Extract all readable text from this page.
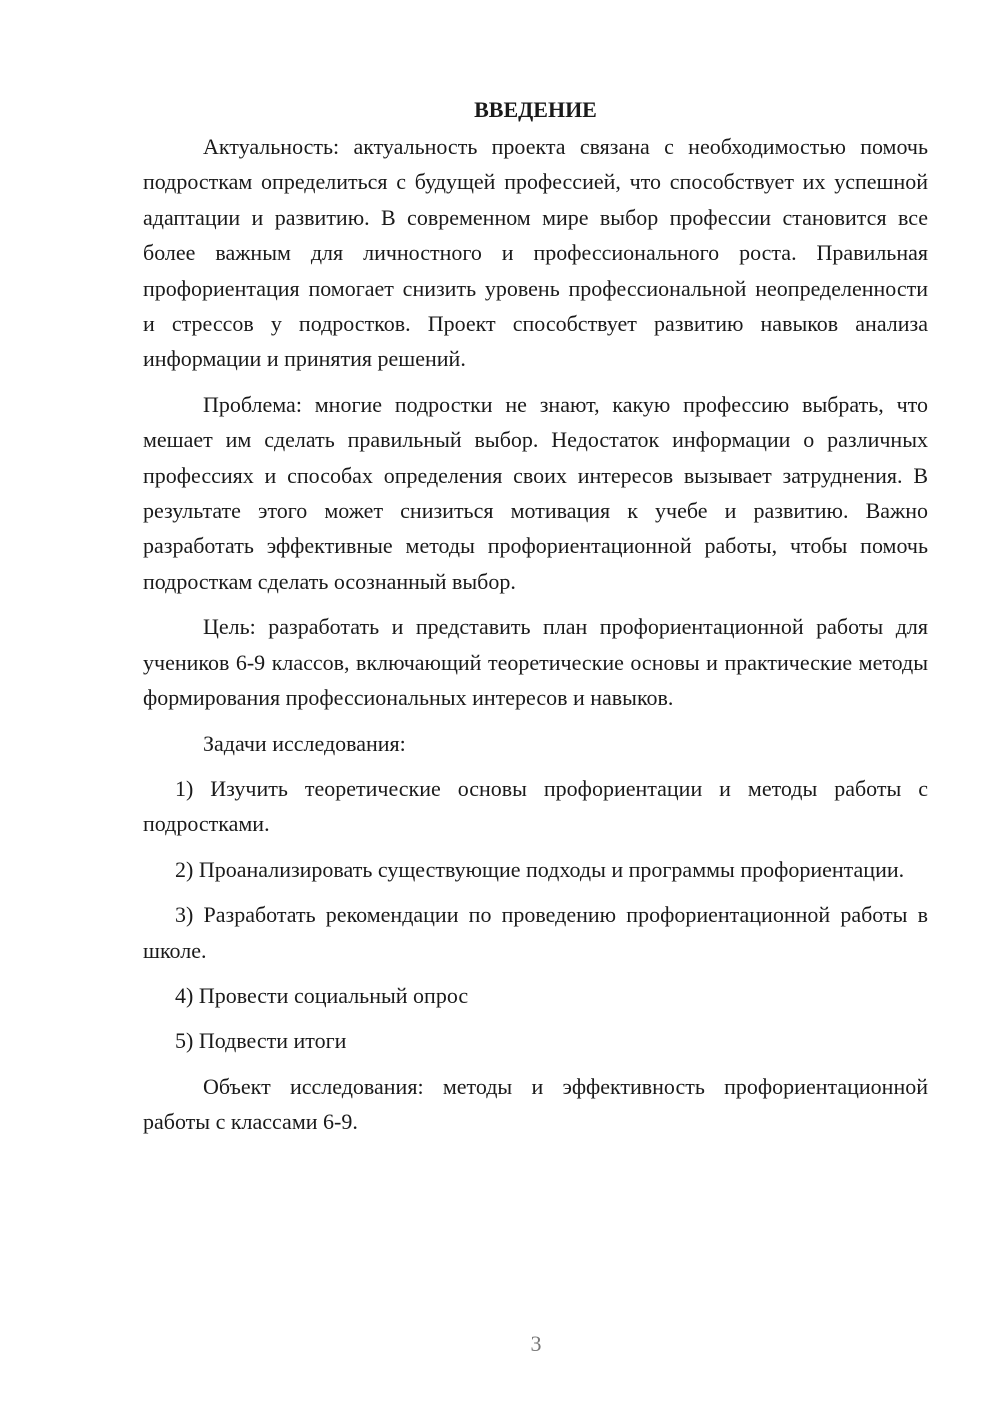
ВВЕДЕНИЕ

Актуальность: актуальность проекта связана с необходимостью помочь подросткам определиться с будущей профессией, что способствует их успешной адаптации и развитию. В современном мире выбор профессии становится все более важным для личностного и профессионального роста. Правильная профориентация помогает снизить уровень профессиональной неопределенности и стрессов у подростков. Проект способствует развитию навыков анализа информации и принятия решений.

Проблема: многие подростки не знают, какую профессию выбрать, что мешает им сделать правильный выбор. Недостаток информации о различных профессиях и способах определения своих интересов вызывает затруднения. В результате этого может снизиться мотивация к учебе и развитию. Важно разработать эффективные методы профориентационной работы, чтобы помочь подросткам сделать осознанный выбор.

Цель: разработать и представить план профориентационной работы для учеников 6-9 классов, включающий теоретические основы и практические методы формирования профессиональных интересов и навыков.

Задачи исследования:

1) Изучить теоретические основы профориентации и методы работы с подростками.

2) Проанализировать существующие подходы и программы профориентации.

3) Разработать рекомендации по проведению профориентационной работы в школе.

4) Провести социальный опрос

5) Подвести итоги

Объект исследования: методы и эффективность профориентационной работы с классами 6-9.

3
